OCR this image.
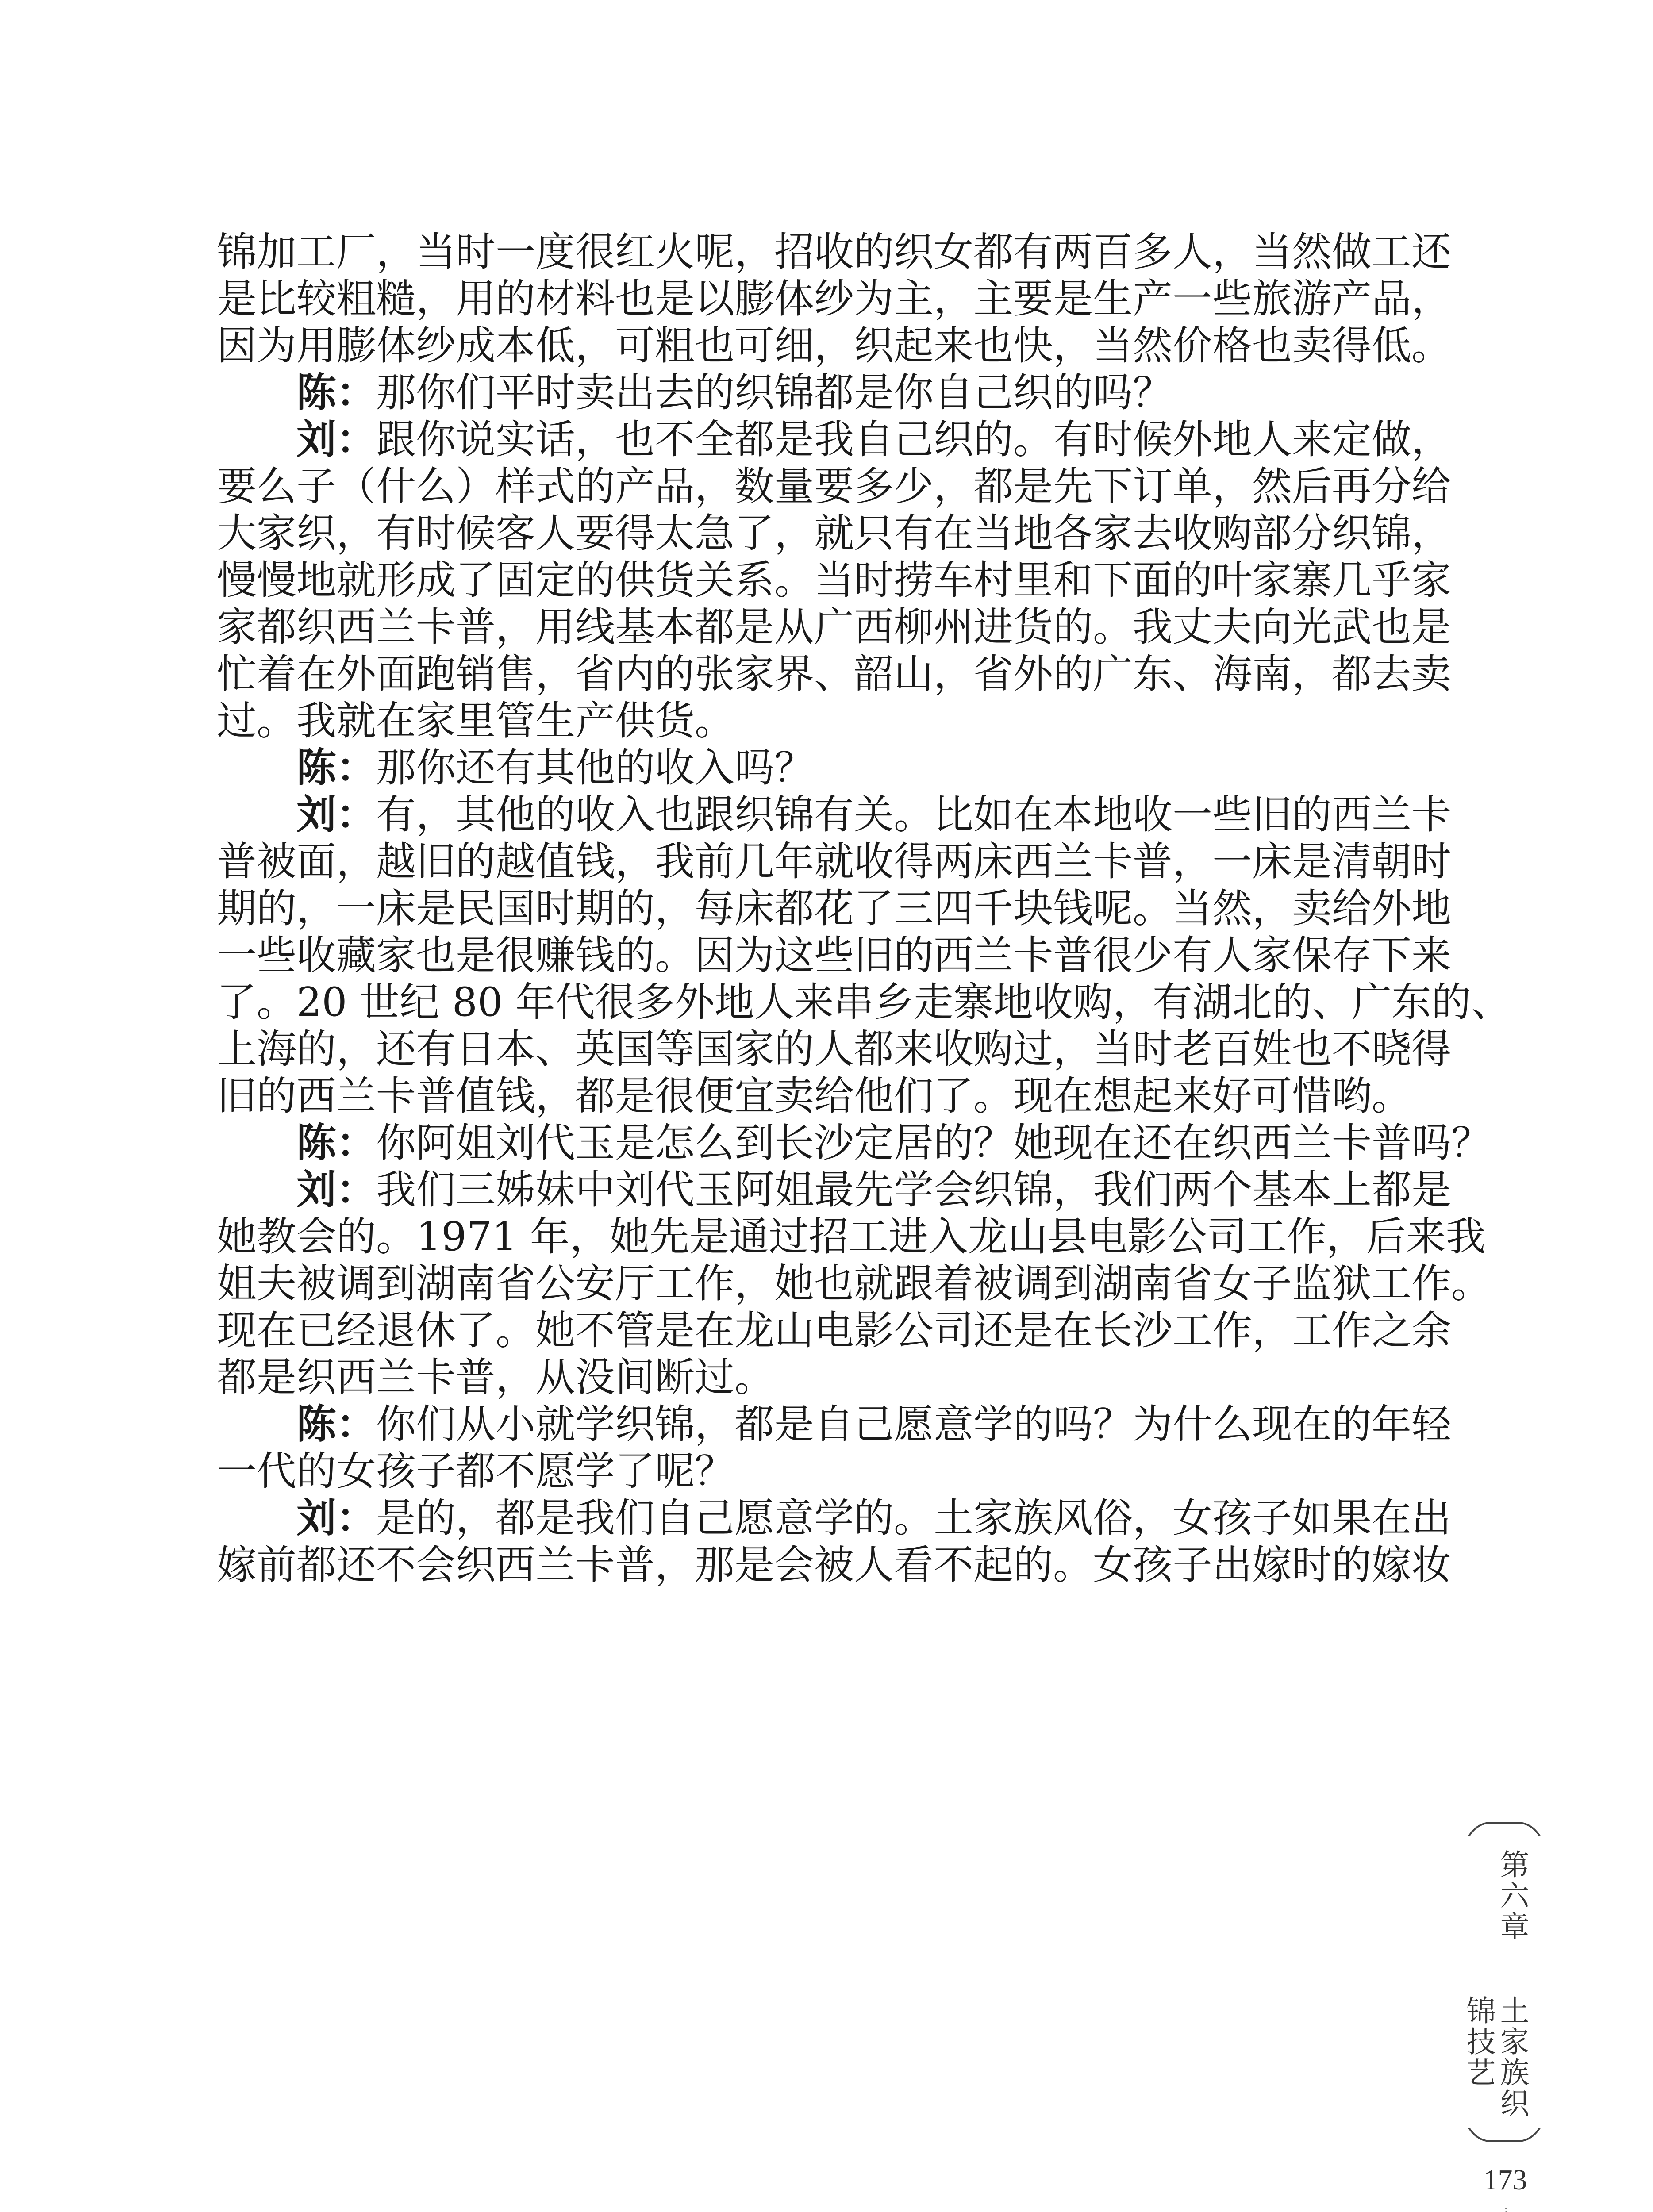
锦加工厂，当时一度很红火呢，招收的织女都有两百多人，当然做工还
是比较粗糙，用的材料也是以膨体纱为主，主要是生产一些旅游产品，
因为用膨体纱成本低，可粗也可细，织起来也快，当然价格也卖得低。
陈：那你们平时卖出去的织锦都是你自己织的吗？
刘：跟你说实话，也不全都是我自己织的。有时候外地人来定做，
要么子（什么）样式的产品，数量要多少，都是先下订单，然后再分给
大家织，有时候客人要得太急了，就只有在当地各家去收购部分织锦，
慢慢地就形成了固定的供货关系。当时捞车村里和下面的叶家寨几乎家
家都织西兰卡普，用线基本都是从广西柳州进货的。我丈夫向光武也是
忙着在外面跑销售，省内的张家界、韶山，省外的广东、海南，都去卖
过。我就在家里管生产供货。
陈：那你还有其他的收入吗？
刘：有，其他的收入也跟织锦有关。比如在本地收一些旧的西兰卡
普被面，越旧的越值钱，我前几年就收得两床西兰卡普，一床是清朝时
期的，一床是民国时期的，每床都花了三四千块钱呢。当然，卖给外地
一些收藏家也是很赚钱的。因为这些旧的西兰卡普很少有人家保存下来
了。20 世纪 80 年代很多外地人来串乡走寨地收购，有湖北的、广东的、
上海的，还有日本、英国等国家的人都来收购过，当时老百姓也不晓得
旧的西兰卡普值钱，都是很便宜卖给他们了。现在想起来好可惜哟。
陈：你阿姐刘代玉是怎么到长沙定居的？她现在还在织西兰卡普吗？
刘：我们三姊妹中刘代玉阿姐最先学会织锦，我们两个基本上都是
她教会的。1971 年，她先是通过招工进入龙山县电影公司工作，后来我
姐夫被调到湖南省公安厅工作，她也就跟着被调到湖南省女子监狱工作。
现在已经退休了。她不管是在龙山电影公司还是在长沙工作，工作之余
都是织西兰卡普，从没间断过。
陈：你们从小就学织锦，都是自己愿意学的吗？为什么现在的年轻
一代的女孩子都不愿学了呢？
刘：是的，都是我们自己愿意学的。土家族风俗，女孩子如果在出
嫁前都还不会织西兰卡普，那是会被人看不起的。女孩子出嫁时的嫁妆
第六章
土家族织锦技艺
173
